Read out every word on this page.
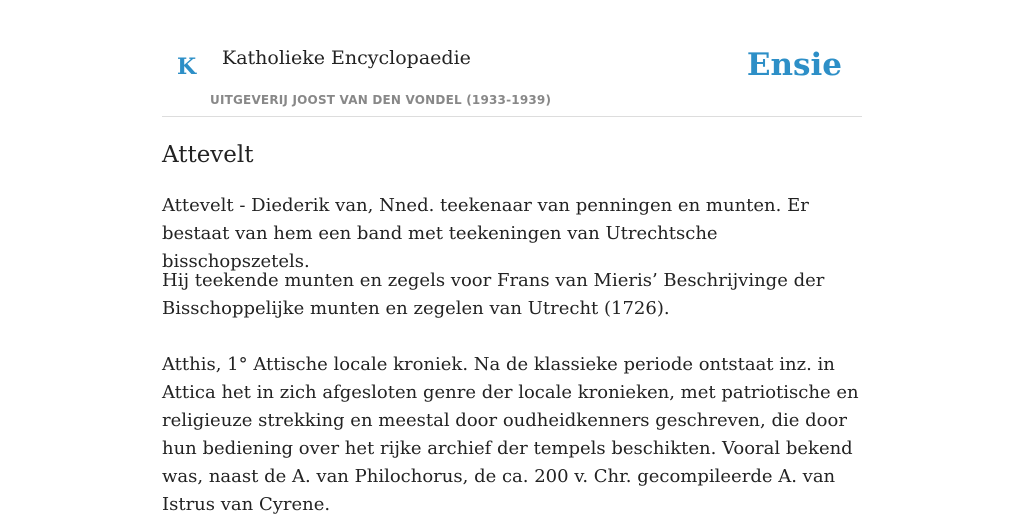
K Katholieke Encyclopaedie
UITGEVERIJ JOOST VAN DEN VONDEL (1933-1939)
Ensie
Attevelt

Attevelt - Diederik van, Nned. teekenaar van penningen en munten. Er bestaat van hem een band met teekeningen van Utrechtsche bisschopszetels.

Hij teekende munten en zegels voor Frans van Mieris’ Beschrijvinge der Bisschoppelijke munten en zegelen van Utrecht (1726).

Atthis, 1° Attische locale kroniek. Na de klassieke periode ontstaat inz. in Attica het in zich afgesloten genre der locale kronieken, met patriotische en religieuze strekking en meestal door oudheidkenners geschreven, die door hun bediening over het rijke archief der tempels beschikten. Vooral bekend was, naast de A. van Philochorus, de ca. 200 v. Chr. gecompileerde A. van Istrus van Cyrene.
